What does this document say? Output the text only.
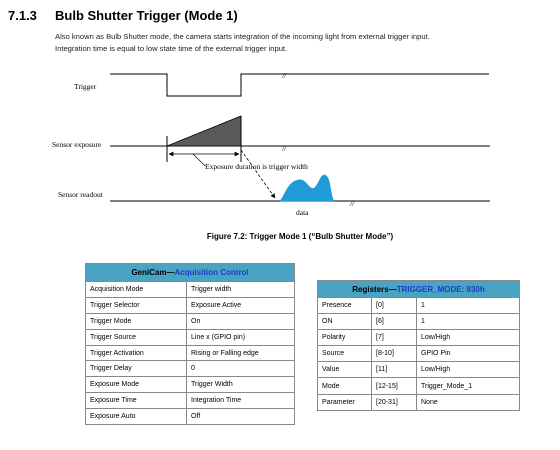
7.1.3 Bulb Shutter Trigger (Mode 1)

Also known as Bulb Shutter mode, the camera starts integration of the incoming light from external trigger input.

Integration time is equal to low state time of the external trigger input.

Trigger
Sensor exposure
Sensor readout
//
Exposure duration is trigger width
//
data
//
Figure 7.2: Trigger Mode 1 (“Bulb Shutter Mode”)
GeniCam—Acquisition Control	
Acquisition Mode	Trigger width
Trigger Selector	Exposure Active
Trigger Mode	On
Trigger Source	Line x (GPIO pin)
Trigger Activation	Rising or Falling edge
Trigger Delay	0
Exposure Mode	Trigger Width
Exposure Time	Integration Time
Exposure Auto	Off
Registers—TRIGGER_MODE: 830h		
Presence	[0]	1
ON	[6]	1
Polarity	[7]	Low/High
Source	[8-10]	GPIO Pin
Value	[11]	Low/High
Mode	[12-15]	Trigger_Mode_1
Parameter	[20-31]	None
